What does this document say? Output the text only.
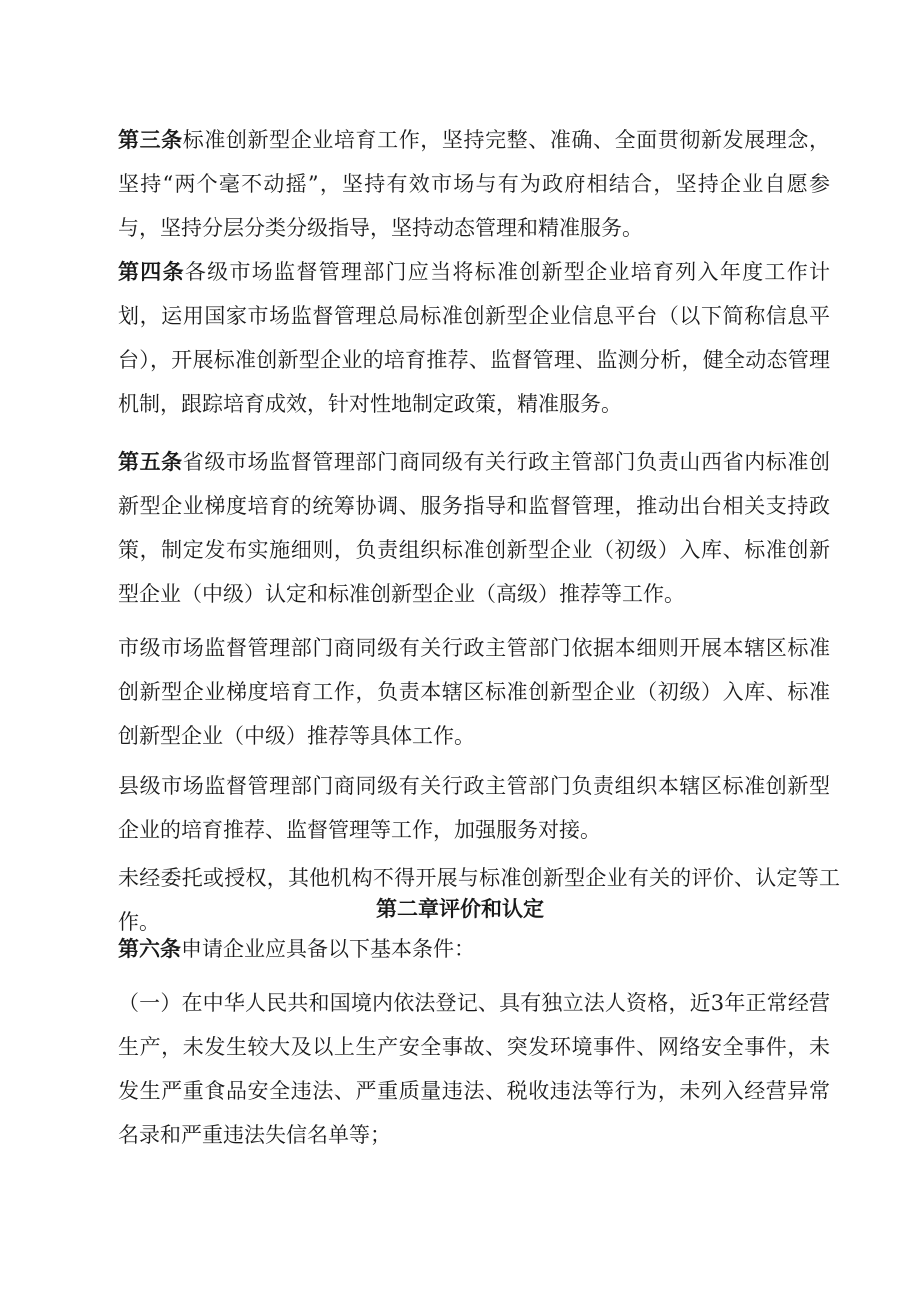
第三条标准创新型企业培育工作，坚持完整、准确、全面贯彻新发展理念，坚持“两个毫不动摇”，坚持有效市场与有为政府相结合，坚持企业自愿参与，坚持分层分类分级指导，坚持动态管理和精准服务。

第四条各级市场监督管理部门应当将标准创新型企业培育列入年度工作计划，运用国家市场监督管理总局标准创新型企业信息平台（以下简称信息平台），开展标准创新型企业的培育推荐、监督管理、监测分析，健全动态管理机制，跟踪培育成效，针对性地制定政策，精准服务。

第五条省级市场监督管理部门商同级有关行政主管部门负责山西省内标准创新型企业梯度培育的统筹协调、服务指导和监督管理，推动出台相关支持政策，制定发布实施细则，负责组织标准创新型企业（初级）入库、标准创新型企业（中级）认定和标准创新型企业（高级）推荐等工作。

市级市场监督管理部门商同级有关行政主管部门依据本细则开展本辖区标准创新型企业梯度培育工作，负责本辖区标准创新型企业（初级）入库、标准创新型企业（中级）推荐等具体工作。

县级市场监督管理部门商同级有关行政主管部门负责组织本辖区标准创新型企业的培育推荐、监督管理等工作，加强服务对接。

未经委托或授权，其他机构不得开展与标准创新型企业有关的评价、认定等工作。

第二章评价和认定

第六条申请企业应具备以下基本条件：

（一）在中华人民共和国境内依法登记、具有独立法人资格，近3年正常经营生产，未发生较大及以上生产安全事故、突发环境事件、网络安全事件，未发生严重食品安全违法、严重质量违法、税收违法等行为，未列入经营异常名录和严重违法失信名单等；
